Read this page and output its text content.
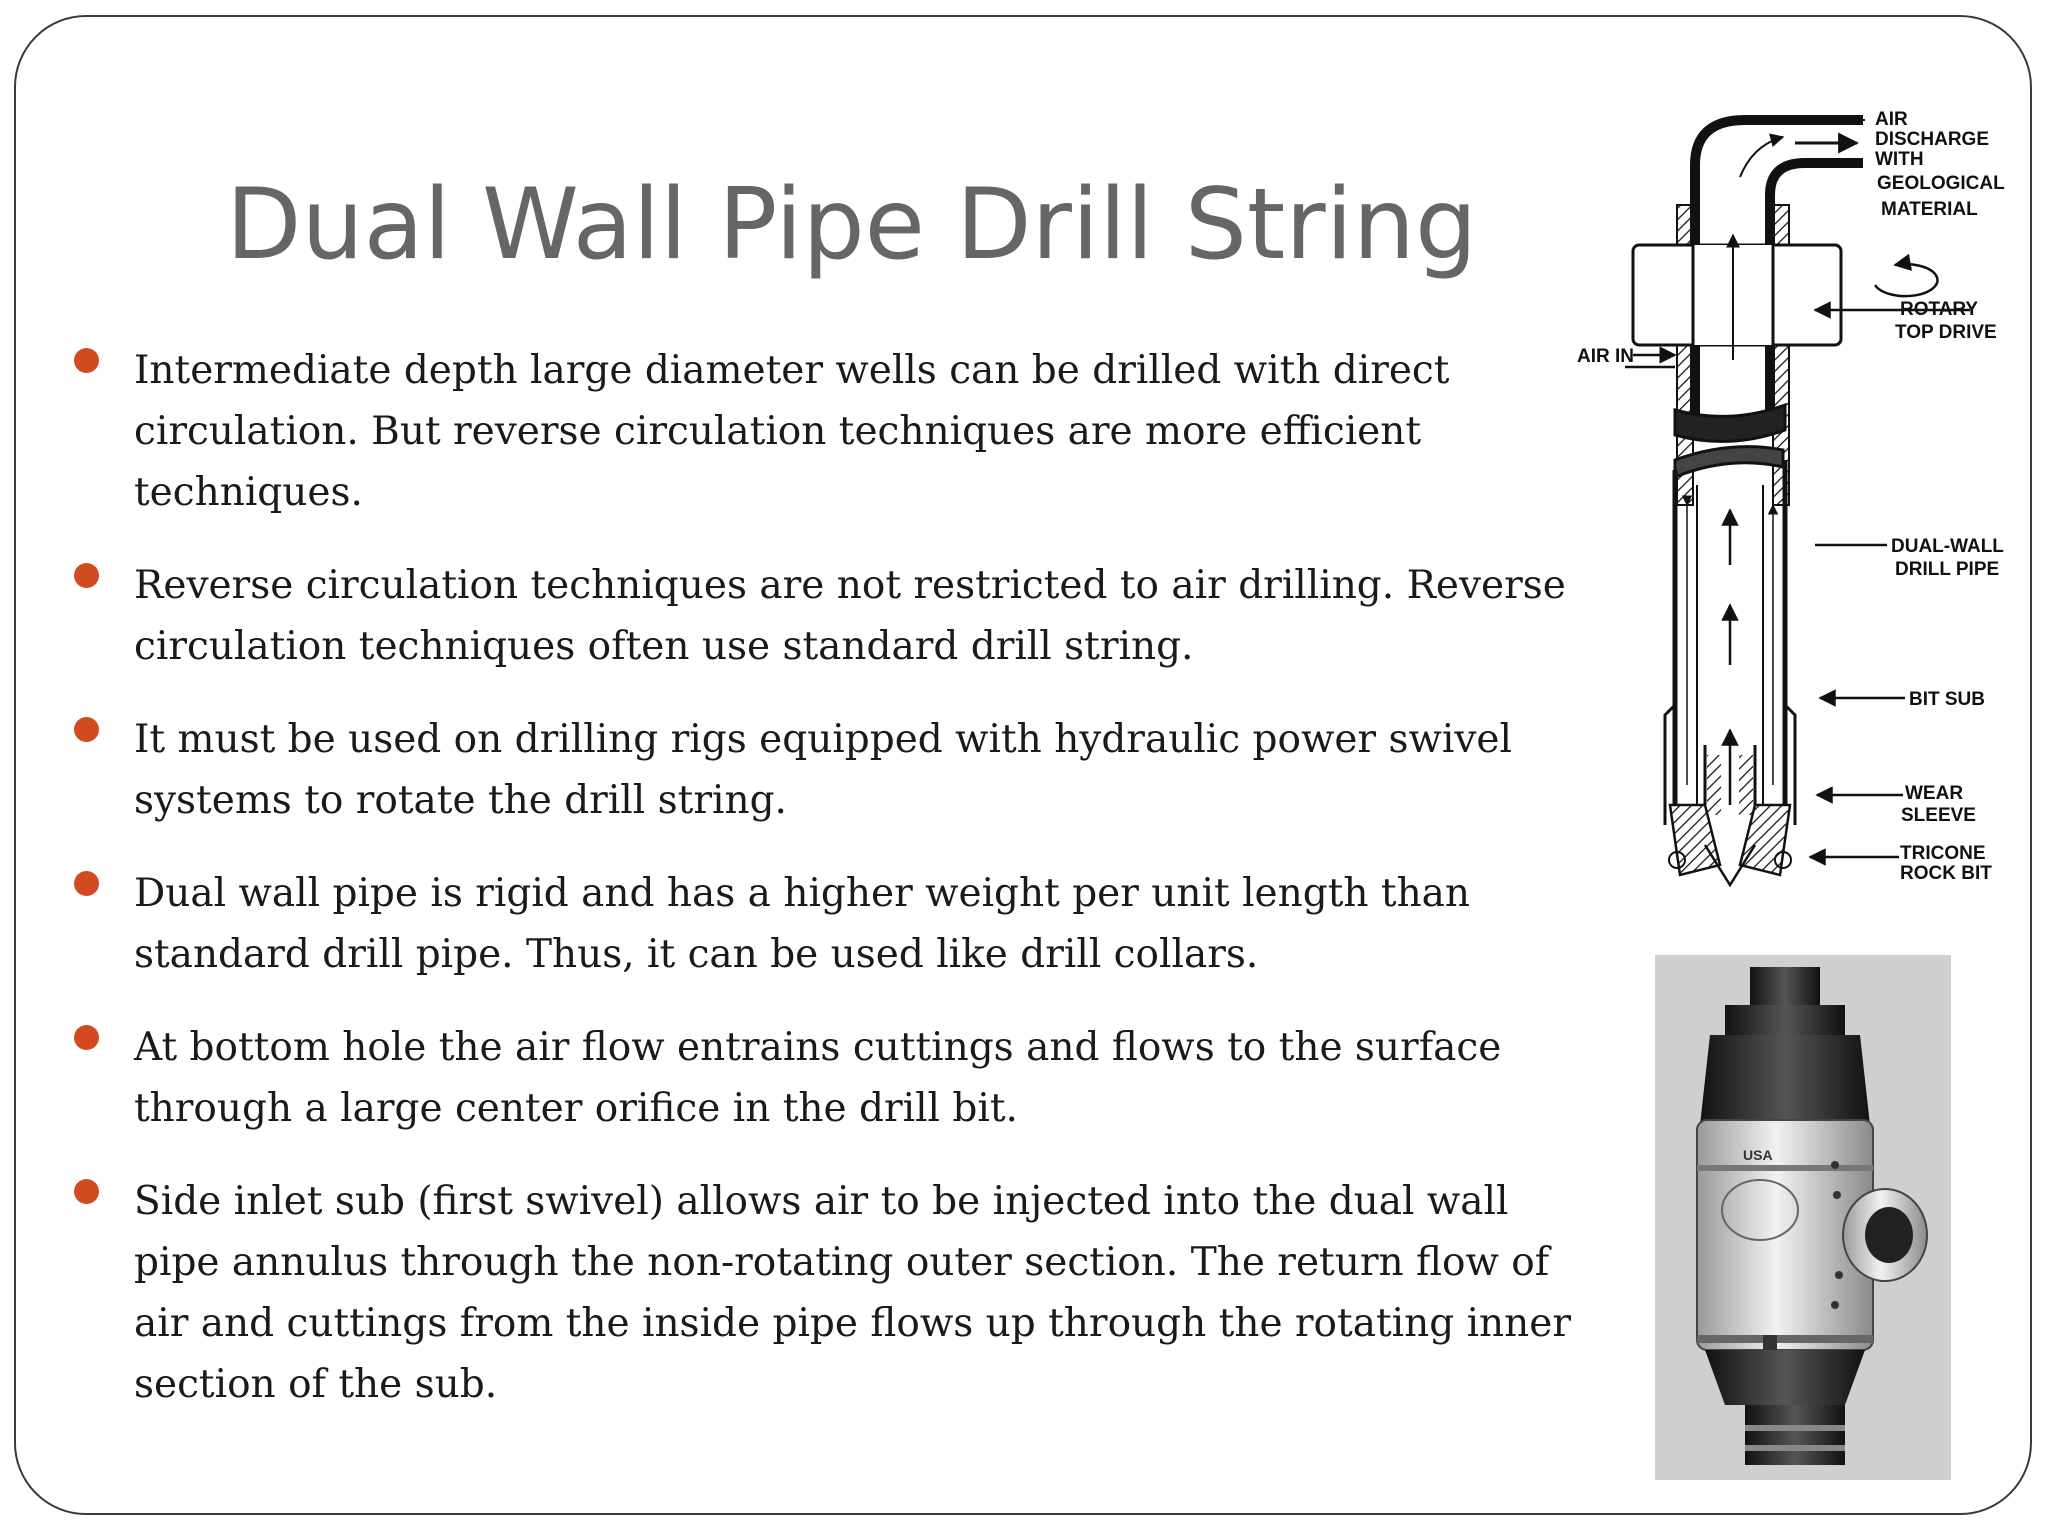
Dual Wall Pipe Drill String
Intermediate depth large diameter wells can be drilled with direct circulation. But reverse circulation techniques are more efficient techniques.
Reverse circulation techniques are not restricted to air drilling. Reverse circulation techniques often use standard drill string.
It must be used on drilling rigs equipped with hydraulic power swivel systems to rotate the drill string.
Dual wall pipe is rigid and has a higher weight per unit length than standard drill pipe. Thus, it can be used like drill collars.
At bottom hole the air flow entrains cuttings and flows to the surface through a large center orifice in the drill bit.
Side inlet sub (first swivel) allows air to be injected into the dual wall pipe annulus through the non-rotating outer section. The return flow of air and cuttings from the inside pipe flows up through the rotating inner section of the sub.
AIR
DISCHARGE
WITH
GEOLOGICAL
MATERIAL
ROTARY
TOP DRIVE
AIR IN
DUAL-WALL
DRILL PIPE
BIT SUB
WEAR
SLEEVE
TRICONE
ROCK BIT
USA
